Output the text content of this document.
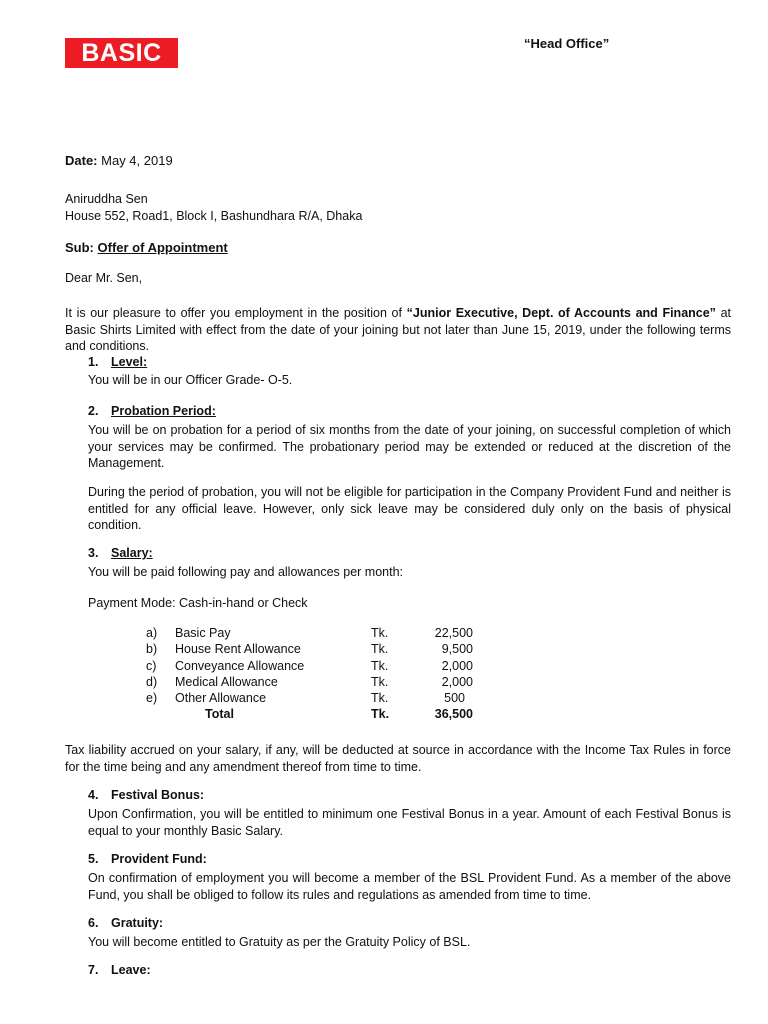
BASIC	“Head Office”
Date: May 4, 2019
Aniruddha Sen
House 552, Road1, Block I, Bashundhara R/A, Dhaka
Sub: Offer of Appointment
Dear Mr. Sen,
It is our pleasure to offer you employment in the position of “Junior Executive, Dept. of Accounts and Finance” at Basic Shirts Limited with effect from the date of your joining but not later than June 15, 2019, under the following terms and conditions.
1. Level:
You will be in our Officer Grade- O-5.
2. Probation Period:
You will be on probation for a period of six months from the date of your joining, on successful completion of which your services may be confirmed. The probationary period may be extended or reduced at the discretion of the Management.
During the period of probation, you will not be eligible for participation in the Company Provident Fund and neither is entitled for any official leave. However, only sick leave may be considered duly only on the basis of physical condition.
3. Salary:
You will be paid following pay and allowances per month:
Payment Mode: Cash-in-hand or Check
a)	Basic Pay	Tk.	22,500
b)	House Rent Allowance	Tk.	9,500
c)	Conveyance Allowance	Tk.	2,000
d)	Medical Allowance	Tk.	2,000
e)	Other Allowance	Tk.	500
	Total	Tk.	36,500
Tax liability accrued on your salary, if any, will be deducted at source in accordance with the Income Tax Rules in force for the time being and any amendment thereof from time to time.
4. Festival Bonus:
Upon Confirmation, you will be entitled to minimum one Festival Bonus in a year. Amount of each Festival Bonus is equal to your monthly Basic Salary.
5. Provident Fund:
On confirmation of employment you will become a member of the BSL Provident Fund. As a member of the above Fund, you shall be obliged to follow its rules and regulations as amended from time to time.
6. Gratuity:
You will become entitled to Gratuity as per the Gratuity Policy of BSL.
7. Leave:
